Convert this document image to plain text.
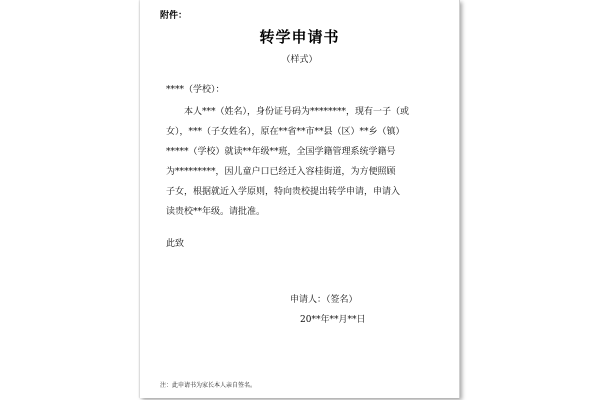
附件：
转学申请书
（样式）
****（学校）：
本人***（姓名），身份证号码为********，现有一子（或
女），***（子女姓名），原在**省**市**县（区）**乡（镇）
*****（学校）就读**年级**班，全国学籍管理系统学籍号
为*********，因儿童户口已经迁入容桂街道，为方便照顾
子女，根据就近入学原则，特向贵校提出转学申请，申请入
读贵校**年级。请批准。
此致
申请人：（签名）
20**年**月**日
注：此申请书为家长本人亲自签名。
